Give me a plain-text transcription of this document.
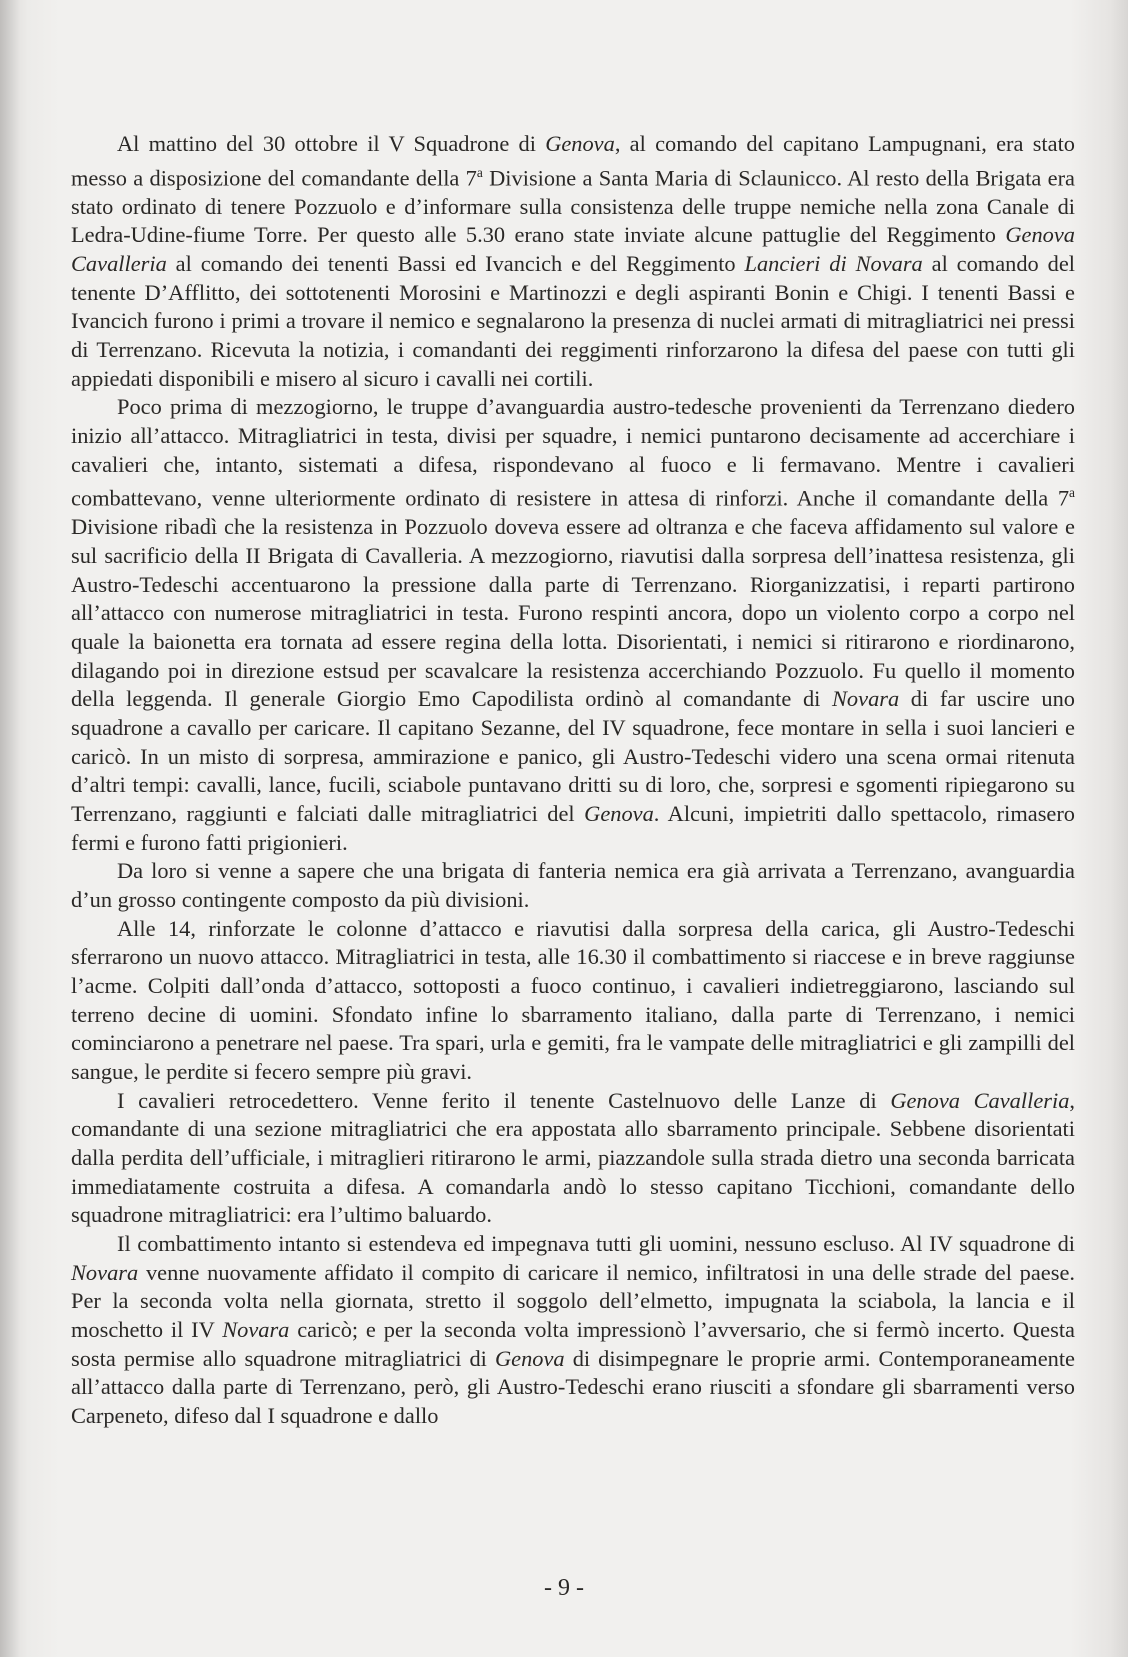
Al mattino del 30 ottobre il V Squadrone di Genova, al comando del capitano Lampugnani, era stato messo a disposizione del comandante della 7$^a$ Divisione a Santa Maria di Sclaunicco. Al resto della Brigata era stato ordinato di tenere Pozzuolo e d’informare sulla consistenza delle truppe nemiche nella zona Canale di Ledra-Udine-fiume Torre. Per questo alle 5.30 erano state inviate alcune pattuglie del Reggimento Genova Cavalleria al comando dei tenenti Bassi ed Ivancich e del Reggimento Lancieri di Novara al comando del tenente D’Afflitto, dei sottotenenti Morosini e Martinozzi e degli aspiranti Bonin e Chigi. I tenenti Bassi e Ivancich furono i primi a trovare il nemico e segnalarono la presenza di nuclei armati di mitragliatrici nei pressi di Terrenzano. Ricevuta la notizia, i comandanti dei reggimenti rinforzarono la difesa del paese con tutti gli appiedati disponibili e misero al sicuro i cavalli nei cortili.

Poco prima di mezzogiorno, le truppe d’avanguardia austro-tedesche provenienti da Terrenzano diedero inizio all’attacco. Mitragliatrici in testa, divisi per squadre, i nemici puntarono decisamente ad accerchiare i cavalieri che, intanto, sistemati a difesa, rispondevano al fuoco e li fermavano. Mentre i cavalieri combattevano, venne ulteriormente ordinato di resistere in attesa di rinforzi. Anche il comandante della 7$^a$ Divisione ribadì che la resistenza in Pozzuolo doveva essere ad oltranza e che faceva affidamento sul valore e sul sacrificio della II Brigata di Cavalleria. A mezzogiorno, riavutisi dalla sorpresa dell’inattesa resistenza, gli Austro-Tedeschi accentuarono la pressione dalla parte di Terrenzano. Riorganizzatisi, i reparti partirono all’attacco con numerose mitragliatrici in testa. Furono respinti ancora, dopo un violento corpo a corpo nel quale la baionetta era tornata ad essere regina della lotta. Disorientati, i nemici si ritirarono e riordinarono, dilagando poi in direzione estsud per scavalcare la resistenza accerchiando Pozzuolo. Fu quello il momento della leggenda. Il generale Giorgio Emo Capodilista ordinò al comandante di Novara di far uscire uno squadrone a cavallo per caricare. Il capitano Sezanne, del IV squadrone, fece montare in sella i suoi lancieri e caricò. In un misto di sorpresa, ammirazione e panico, gli Austro-Tedeschi videro una scena ormai ritenuta d’altri tempi: cavalli, lance, fucili, sciabole puntavano dritti su di loro, che, sorpresi e sgomenti ripiegarono su Terrenzano, raggiunti e falciati dalle mitragliatrici del Genova. Alcuni, impietriti dallo spettacolo, rimasero fermi e furono fatti prigionieri.

Da loro si venne a sapere che una brigata di fanteria nemica era già arrivata a Terrenzano, avanguardia d’un grosso contingente composto da più divisioni.

Alle 14, rinforzate le colonne d’attacco e riavutisi dalla sorpresa della carica, gli Austro-Tedeschi sferrarono un nuovo attacco. Mitragliatrici in testa, alle 16.30 il combattimento si riaccese e in breve raggiunse l’acme. Colpiti dall’onda d’attacco, sottoposti a fuoco continuo, i cavalieri indietreggiarono, lasciando sul terreno decine di uomini. Sfondato infine lo sbarramento italiano, dalla parte di Terrenzano, i nemici cominciarono a penetrare nel paese. Tra spari, urla e gemiti, fra le vampate delle mitragliatrici e gli zampilli del sangue, le perdite si fecero sempre più gravi.

I cavalieri retrocedettero. Venne ferito il tenente Castelnuovo delle Lanze di Genova Cavalleria, comandante di una sezione mitragliatrici che era appostata allo sbarramento principale. Sebbene disorientati dalla perdita dell’ufficiale, i mitraglieri ritirarono le armi, piazzandole sulla strada dietro una seconda barricata immediatamente costruita a difesa. A comandarla andò lo stesso capitano Ticchioni, comandante dello squadrone mitragliatrici: era l’ultimo baluardo.

Il combattimento intanto si estendeva ed impegnava tutti gli uomini, nessuno escluso. Al IV squadrone di Novara venne nuovamente affidato il compito di caricare il nemico, infiltratosi in una delle strade del paese. Per la seconda volta nella giornata, stretto il soggolo dell’elmetto, impugnata la sciabola, la lancia e il moschetto il IV Novara caricò; e per la seconda volta impressionò l’avversario, che si fermò incerto. Questa sosta permise allo squadrone mitragliatrici di Genova di disimpegnare le proprie armi. Contemporaneamente all’attacco dalla parte di Terrenzano, però, gli Austro-Tedeschi erano riusciti a sfondare gli sbarramenti verso Carpeneto, difeso dal I squadrone e dallo

- 9 -
